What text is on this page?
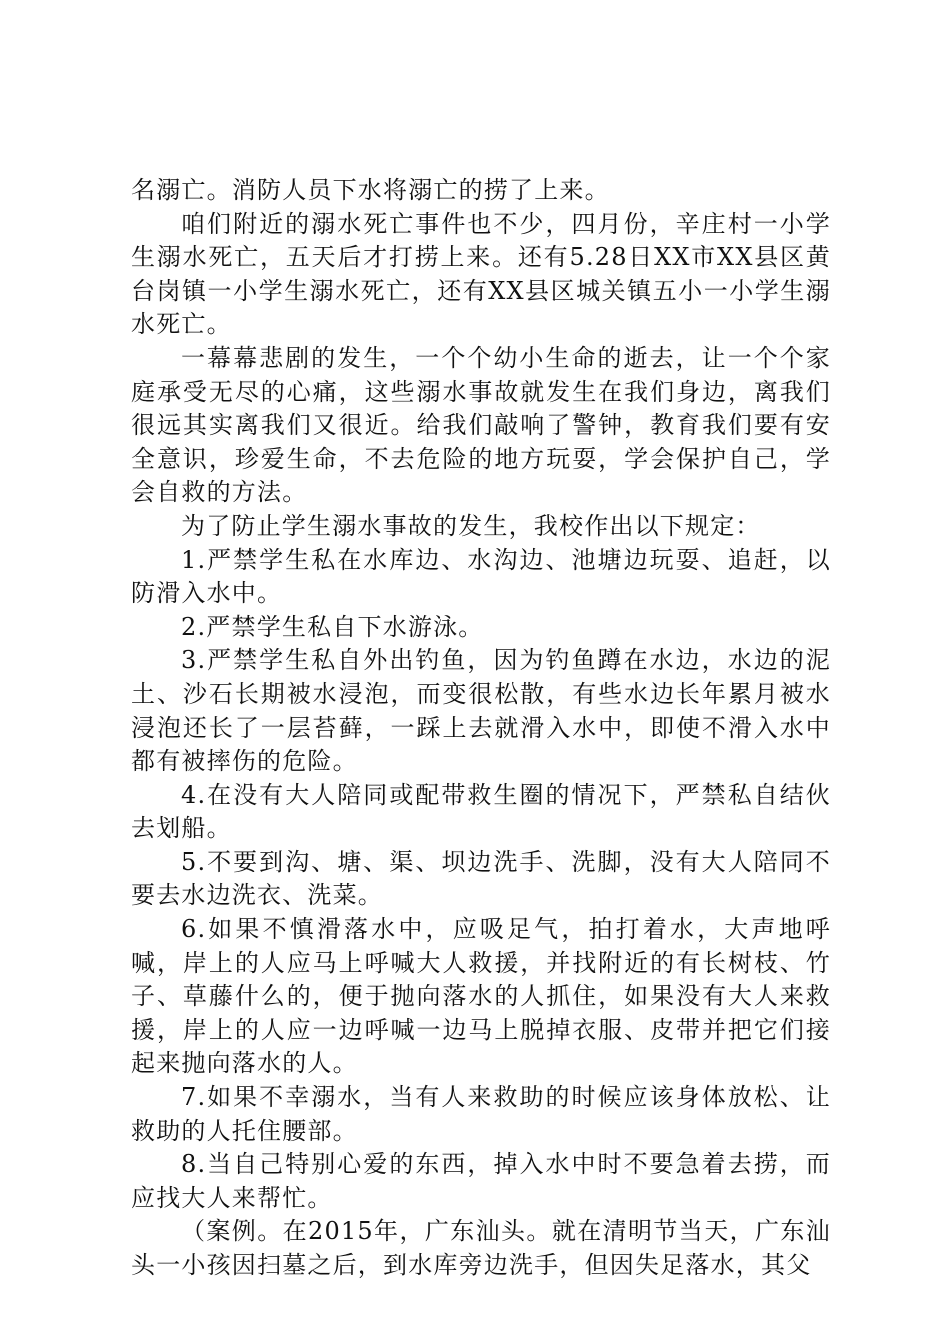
名溺亡。消防人员下水将溺亡的捞了上来。

咱们附近的溺水死亡事件也不少，四月份，辛庄村一小学生溺水死亡，五天后才打捞上来。还有5.28日XX市XX县区黄台岗镇一小学生溺水死亡，还有XX县区城关镇五小一小学生溺水死亡。

一幕幕悲剧的发生，一个个幼小生命的逝去，让一个个家庭承受无尽的心痛，这些溺水事故就发生在我们身边，离我们很远其实离我们又很近。给我们敲响了警钟，教育我们要有安全意识，珍爱生命，不去危险的地方玩耍，学会保护自己，学会自救的方法。

为了防止学生溺水事故的发生，我校作出以下规定：

1.严禁学生私在水库边、水沟边、池塘边玩耍、追赶，以防滑入水中。

2.严禁学生私自下水游泳。

3.严禁学生私自外出钓鱼，因为钓鱼蹲在水边，水边的泥土、沙石长期被水浸泡，而变很松散，有些水边长年累月被水浸泡还长了一层苔藓，一踩上去就滑入水中，即使不滑入水中都有被摔伤的危险。

4.在没有大人陪同或配带救生圈的情况下，严禁私自结伙去划船。

5.不要到沟、塘、渠、坝边洗手、洗脚，没有大人陪同不要去水边洗衣、洗菜。

6.如果不慎滑落水中，应吸足气，拍打着水，大声地呼喊，岸上的人应马上呼喊大人救援，并找附近的有长树枝、竹子、草藤什么的，便于抛向落水的人抓住，如果没有大人来救援，岸上的人应一边呼喊一边马上脱掉衣服、皮带并把它们接起来抛向落水的人。

7.如果不幸溺水，当有人来救助的时候应该身体放松、让救助的人托住腰部。

8.当自己特别心爱的东西，掉入水中时不要急着去捞，而应找大人来帮忙。

（案例。在2015年，广东汕头。就在清明节当天，广东汕头一小孩因扫墓之后，到水库旁边洗手，但因失足落水，其父
